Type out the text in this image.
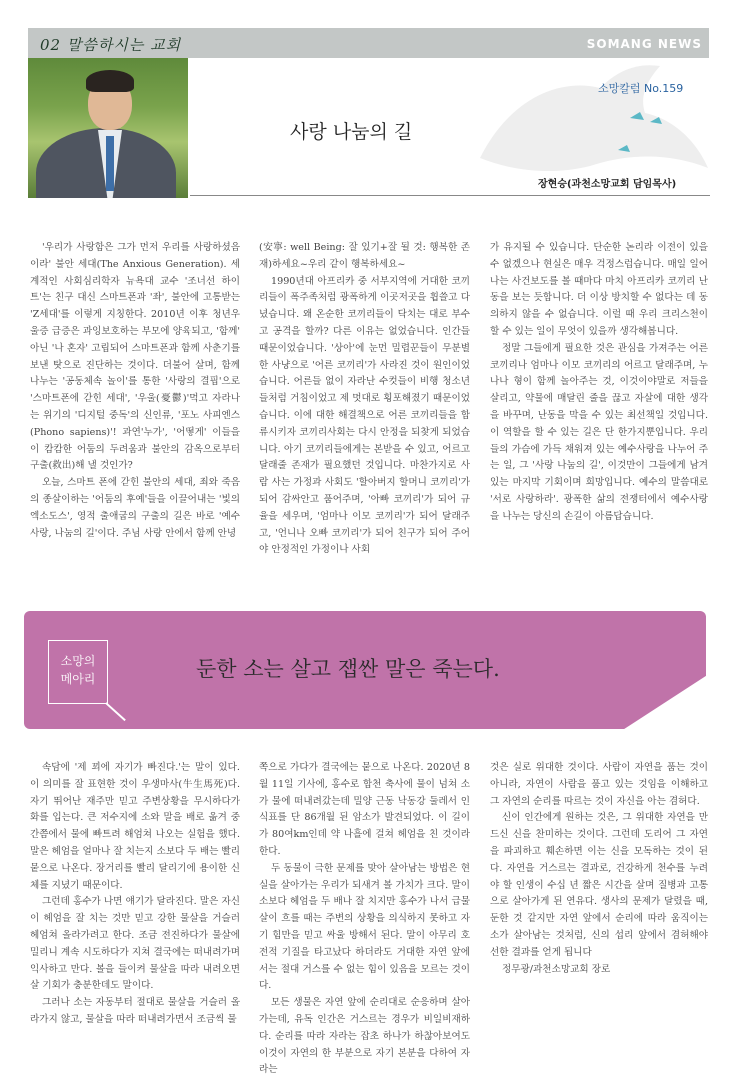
02 말씀하시는 교회	SOMANG NEWS
소망칼럼 No.159
사랑 나눔의 길
장현승(과천소망교회 담임목사)

'우리가 사랑함은 그가 먼저 우리를 사랑하셨음이라' 불안 세대(The Anxious Generation). 세계적인 사회심리학자 뉴욕대 교수 '조너선 하이트'는 친구 대신 스마트폰과 '좌', 불안에 고통받는 'Z세대'를 이렇게 지칭한다. 2010년 이후 청년우울증 급증은 과잉보호하는 부모에 양육되고, '함께' 아닌 '나 혼자' 고립되어 스마트폰과 함께 사춘기를 보낸 탓으로 진단하는 것이다. 더불어 살며, 함께 나누는 '공동체속 놀이'를 통한 '사랑의 결핍'으로 '스마트폰에 갇힌 세대', '우울(憂鬱)'먹고 자라나는 위기의 '디지털 중독'의 신인류, '포노 사피엔스(Phono sapiens)'! 과연'누가', '어떻게' 이들을 이 캄캄한 어둠의 두려움과 불안의 감옥으로부터 구출(救出)해 낼 것인가?

오늘, 스마트 폰에 갇힌 불안의 세대, 죄와 죽음의 종살이하는 '어둠의 후예'들을 이끌어내는 '빛의 엑소도스', 영적 출애굽의 구출의 길은 바로 '예수 사랑, 나눔의 길'이다. 주님 사랑 안에서 함께 안녕

(安寧: well Being: 잘 있기+잘 될 것: 행복한 존재)하세요~우리 같이 행복하세요~

1990년대 아프리카 중 서부지역에 거대한 코끼리들이 폭주족처럼 광폭하게 이곳저곳을 휩쓸고 다녔습니다. 왜 온순한 코끼리들이 닥치는 대로 부수고 공격을 할까? 다른 이유는 없었습니다. 인간들 때문이었습니다. '상아'에 눈먼 밀렵꾼들이 무분별한 사냥으로 '어른 코끼리'가 사라진 것이 원인이었습니다. 어른들 없이 자라난 수컷들이 비행 청소년들처럼 거침이었고 제 멋대로 횡포해졌기 때문이었습니다. 이에 대한 해결책으로 어른 코끼리들을 합류시키자 코끼리사회는 다시 안정을 되찾게 되었습니다. 아기 코끼리들에게는 본받을 수 있고, 어르고 달래줄 존재가 필요했던 것입니다. 마찬가지로 사람 사는 가정과 사회도 '할아버지 할머니 코끼리'가 되어 감싸안고 품어주며, '아빠 코끼리'가 되어 규율을 세우며, '엄마나 이모 코끼리'가 되어 달래주고, '언니나 오빠 코끼리'가 되어 친구가 되어 주어야 안정적인 가정이나 사회

가 유지될 수 있습니다. 단순한 논리라 이전이 있을 수 없겠으나 현실은 매우 걱정스럽습니다. 매일 일어나는 사건보도를 볼 때마다 마치 아프리카 코끼리 난동을 보는 듯합니다. 더 이상 방치할 수 없다는 데 동의하지 않을 수 없습니다. 이럴 때 우리 크리스천이 할 수 있는 일이 무엇이 있을까 생각해봅니다.

정말 그들에게 필요한 것은 관심을 가져주는 어른 코끼리나 엄마나 이모 코끼리의 어르고 달래주며, 누나나 형이 함께 놀아주는 것, 이것이야말로 저들을 살리고, 약물에 매달린 줄을 끊고 자살에 대한 생각을 바꾸며, 난동을 막을 수 있는 최선책일 것입니다. 이 역할을 할 수 있는 길은 단 한가지뿐입니다. 우리들의 가슴에 가득 채워져 있는 예수사랑을 나누어 주는 일, 그 '사랑 나눔의 길', 이것만이 그들에게 남겨있는 마지막 기회이며 희망입니다. 예수의 말씀대로 '서로 사랑하라'. 광폭한 삶의 전쟁터에서 예수사랑을 나누는 당신의 손길이 아름답습니다.

소망의
메아리	둔한 소는 살고 잽싼 말은 죽는다.

속담에 '제 꾀에 자기가 빠진다.'는 말이 있다. 이 의미를 잘 표현한 것이 우생마사(牛生馬死)다. 자기 뛰어난 재주만 믿고 주변상황을 무시하다가 화를 입는다. 큰 저수지에 소와 말을 배로 옮겨 중간쯤에서 물에 빠트려 해엄쳐 나오는 실험을 했다. 말은 헤엄을 얼마나 잘 치는지 소보다 두 배는 빨리 뭍으로 나온다. 장거리를 빨리 달리기에 용이한 신체를 지녔기 때문이다.

그런데 홍수가 나면 얘기가 달라진다. 말은 자신이 헤엄을 잘 치는 것만 믿고 강한 물살을 거슬러 헤엄쳐 올라가려고 한다. 조금 전진하다가 물살에 밀리니 계속 시도하다가 지쳐 결국에는 떠내려가며 익사하고 만다. 볼을 들이켜 물살을 따라 내려오면 살 기회가 충분한데도 말이다.

그러나 소는 자동부터 절대로 물살을 거슬러 올라가지 않고, 물살을 따라 떠내려가면서 조금씩 물

쪽으로 가다가 결국에는 뭍으로 나온다. 2020년 8월 11일 기사에, 홍수로 합천 축사에 물이 넘쳐 소가 물에 떠내려갔는데 밀양 근동 낙동강 둘레서 인식표를 단 86개월 된 암소가 발견되었다. 이 길이가 80여km인데 약 나흘에 걸쳐 헤엄을 친 것이라 한다.

두 동물이 극한 문제를 맞아 살아남는 방법은 현실을 살아가는 우리가 되새겨 볼 가치가 크다. 말이 소보다 헤엄을 두 배나 잘 치지만 홍수가 나서 급물살이 흐를 때는 주변의 상황을 의식하지 못하고 자기 힘만을 믿고 싸울 방해서 된다. 말이 아무리 호전적 기질을 타고났다 하더라도 거대한 자연 앞에서는 절대 거스를 수 없는 힘이 있음을 모르는 것이다.

모든 생물은 자연 앞에 순리대로 순응하며 살아가는데, 유독 인간은 거스르는 경우가 비일비재하다. 순리를 따라 자라는 잡초 하나가 하찮아보여도 이것이 자연의 한 부분으로 자기 본분을 다하여 자라는

것은 실로 위대한 것이다. 사람이 자연을 품는 것이 아니라, 자연이 사람을 품고 있는 것임을 이해하고 그 자연의 순리를 따르는 것이 자신을 아는 겸허다.

신이 인간에게 원하는 것은, 그 위대한 자연을 만드신 신을 찬미하는 것이다. 그런데 도리어 그 자연을 파괴하고 훼손하면 이는 신을 모독하는 것이 된다. 자연을 거스르는 결과로, 건강하게 천수를 누려야 할 인생이 수십 년 짧은 시간을 살며 질병과 고통으로 살아가게 된 연유다. 생사의 문제가 달렸을 때, 둔한 것 같지만 자연 앞에서 순리에 따라 움직이는 소가 살아남는 것처럼, 신의 섭리 앞에서 겸허해야 선한 결과를 얻게 됩니다

정무광/과천소망교회 장로
